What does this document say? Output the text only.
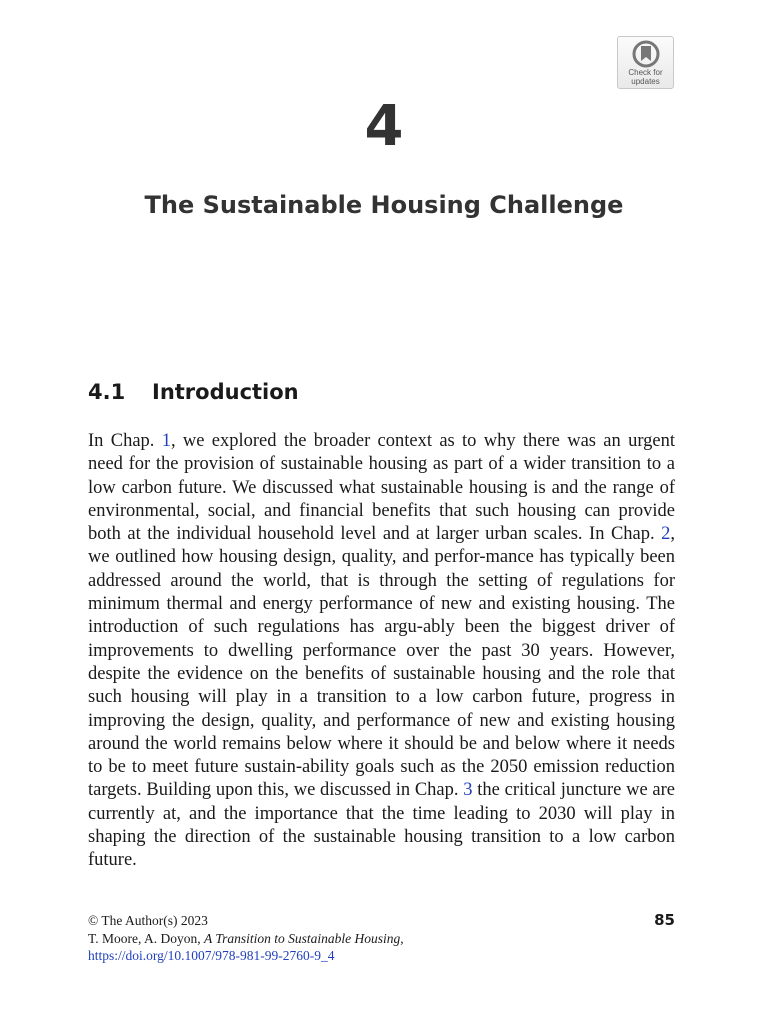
Check for
updates
4
The Sustainable Housing Challenge
4.1 Introduction

In Chap. 1, we explored the broader context as to why there was an urgent need for the provision of sustainable housing as part of a wider transition to a low carbon future. We discussed what sustainable housing is and the range of environmental, social, and financial benefits that such housing can provide both at the individual household level and at larger urban scales. In Chap. 2, we outlined how housing design, quality, and perfor-mance has typically been addressed around the world, that is through the setting of regulations for minimum thermal and energy performance of new and existing housing. The introduction of such regulations has argu-ably been the biggest driver of improvements to dwelling performance over the past 30 years. However, despite the evidence on the benefits of sustainable housing and the role that such housing will play in a transition to a low carbon future, progress in improving the design, quality, and performance of new and existing housing around the world remains below where it should be and below where it needs to be to meet future sustain-ability goals such as the 2050 emission reduction targets. Building upon this, we discussed in Chap. 3 the critical juncture we are currently at, and the importance that the time leading to 2030 will play in shaping the direction of the sustainable housing transition to a low carbon future.

© The Author(s) 2023
T. Moore, A. Doyon, A Transition to Sustainable Housing,
https://doi.org/10.1007/978-981-99-2760-9_4
85
